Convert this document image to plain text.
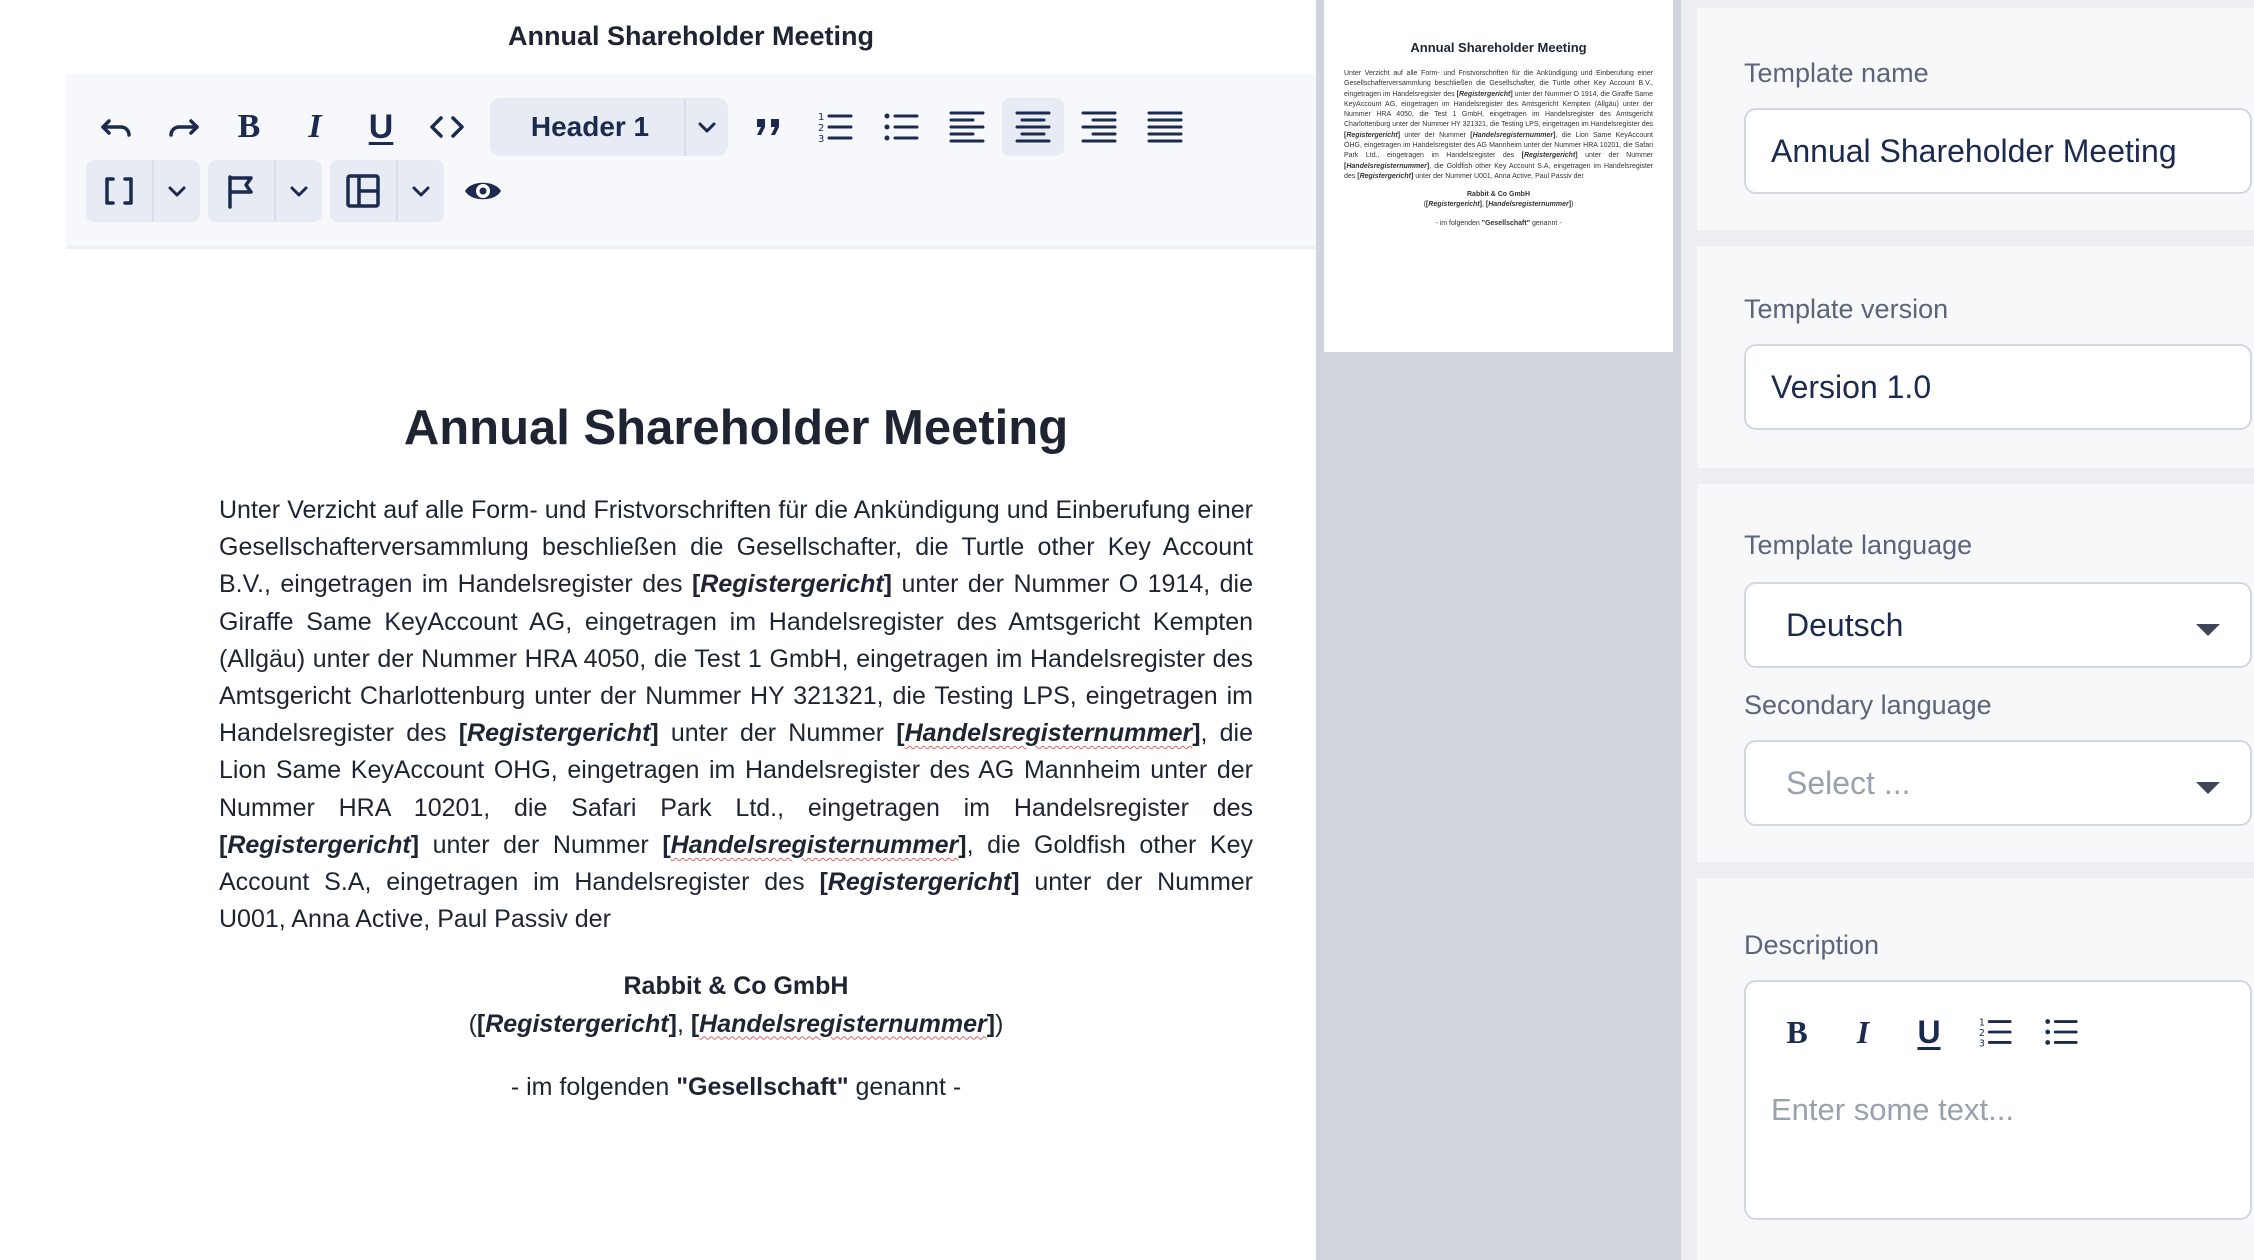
Annual Shareholder Meeting
B I U	Header 1	1
2
3
Annual Shareholder Meeting
Unter Verzicht auf alle Form- und Fristvorschriften für die Ankündigung und Einberufung einer Gesellschafterversammlung beschließen die Gesellschafter, die Turtle other Key Account B.V., eingetragen im Handelsregister des [Registergericht] unter der Nummer O 1914, die Giraffe Same KeyAccount AG, eingetragen im Handelsregister des Amtsgericht Kempten (Allgäu) unter der Nummer HRA 4050, die Test 1 GmbH, eingetragen im Handelsregister des Amtsgericht Charlottenburg unter der Nummer HY 321321, die Testing LPS, eingetragen im Handelsregister des [Registergericht] unter der Nummer [Handelsregisternummer], die Lion Same KeyAccount OHG, eingetragen im Handelsregister des AG Mannheim unter der Nummer HRA 10201, die Safari Park Ltd., eingetragen im Handelsregister des [Registergericht] unter der Nummer [Handelsregisternummer], die Goldfish other Key Account S.A, eingetragen im Handelsregister des [Registergericht] unter der Nummer U001, Anna Active, Paul Passiv der
Rabbit & Co GmbH
([Registergericht], [Handelsregisternummer])
- im folgenden "Gesellschaft" genannt -
Annual Shareholder Meeting
Unter Verzicht auf alle Form- und Fristvorschriften für die Ankündigung und Einberufung einer Gesellschafterversammlung beschließen die Gesellschafter, die Turtle other Key Account B.V., eingetragen im Handelsregister des [Registergericht] unter der Nummer O 1914, die Giraffe Same KeyAccount AG, eingetragen im Handelsregister des Amtsgericht Kempten (Allgäu) unter der Nummer HRA 4050, die Test 1 GmbH, eingetragen im Handelsregister des Amtsgericht Charlottenburg unter der Nummer HY 321321, die Testing LPS, eingetragen im Handelsregister des [Registergericht] unter der Nummer [Handelsregisternummer], die Lion Same KeyAccount OHG, eingetragen im Handelsregister des AG Mannheim unter der Nummer HRA 10201, die Safari Park Ltd., eingetragen im Handelsregister des [Registergericht] unter der Nummer [Handelsregisternummer], die Goldfish other Key Account S.A, eingetragen im Handelsregister des [Registergericht] unter der Nummer U001, Anna Active, Paul Passiv der
Rabbit & Co GmbH
([Registergericht], [Handelsregisternummer])
- im folgenden "Gesellschaft" genannt -
Template name
Annual Shareholder Meeting
Template version
Version 1.0
Template language
Deutsch
Secondary language
Select ...
Description
B I U	1
2
3
Enter some text...
